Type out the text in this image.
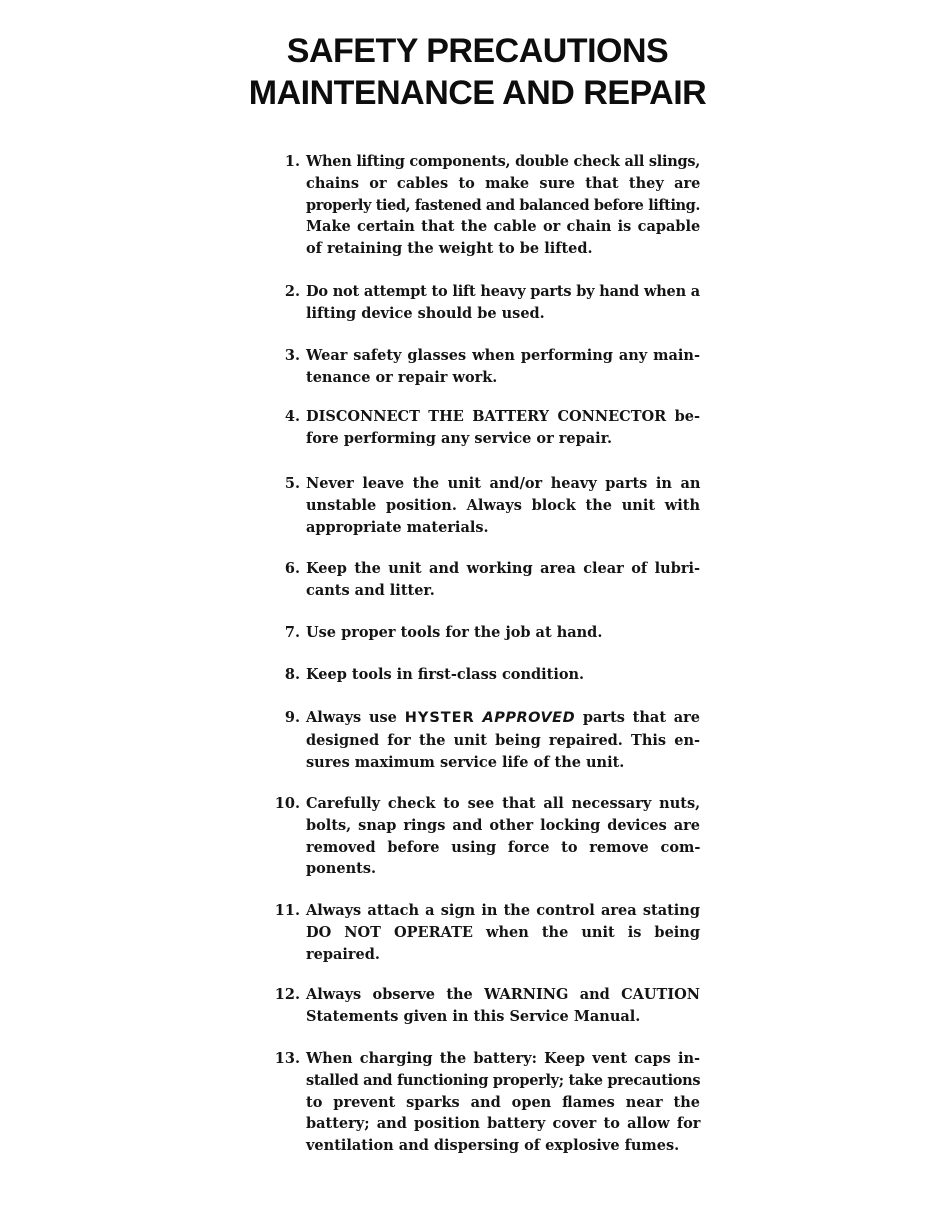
SAFETY PRECAUTIONS
MAINTENANCE AND REPAIR
1. When lifting components, double check all slings,
chains or cables to make sure that they are
properly tied, fastened and balanced before lifting.
Make certain that the cable or chain is capable
of retaining the weight to be lifted.
2. Do not attempt to lift heavy parts by hand when a
lifting device should be used.
3. Wear safety glasses when performing any main-
tenance or repair work.
4. DISCONNECT THE BATTERY CONNECTOR be-
fore performing any service or repair.
5. Never leave the unit and/or heavy parts in an
unstable position. Always block the unit with
appropriate materials.
6. Keep the unit and working area clear of lubri-
cants and litter.
7. Use proper tools for the job at hand.
8. Keep tools in first-class condition.
9. Always use HYSTER APPROVED parts that are
designed for the unit being repaired. This en-
sures maximum service life of the unit.
10. Carefully check to see that all necessary nuts,
bolts, snap rings and other locking devices are
removed before using force to remove com-
ponents.
11. Always attach a sign in the control area stating
DO NOT OPERATE when the unit is being
repaired.
12. Always observe the WARNING and CAUTION
Statements given in this Service Manual.
13. When charging the battery: Keep vent caps in-
stalled and functioning properly; take precautions
to prevent sparks and open flames near the
battery; and position battery cover to allow for
ventilation and dispersing of explosive fumes.
